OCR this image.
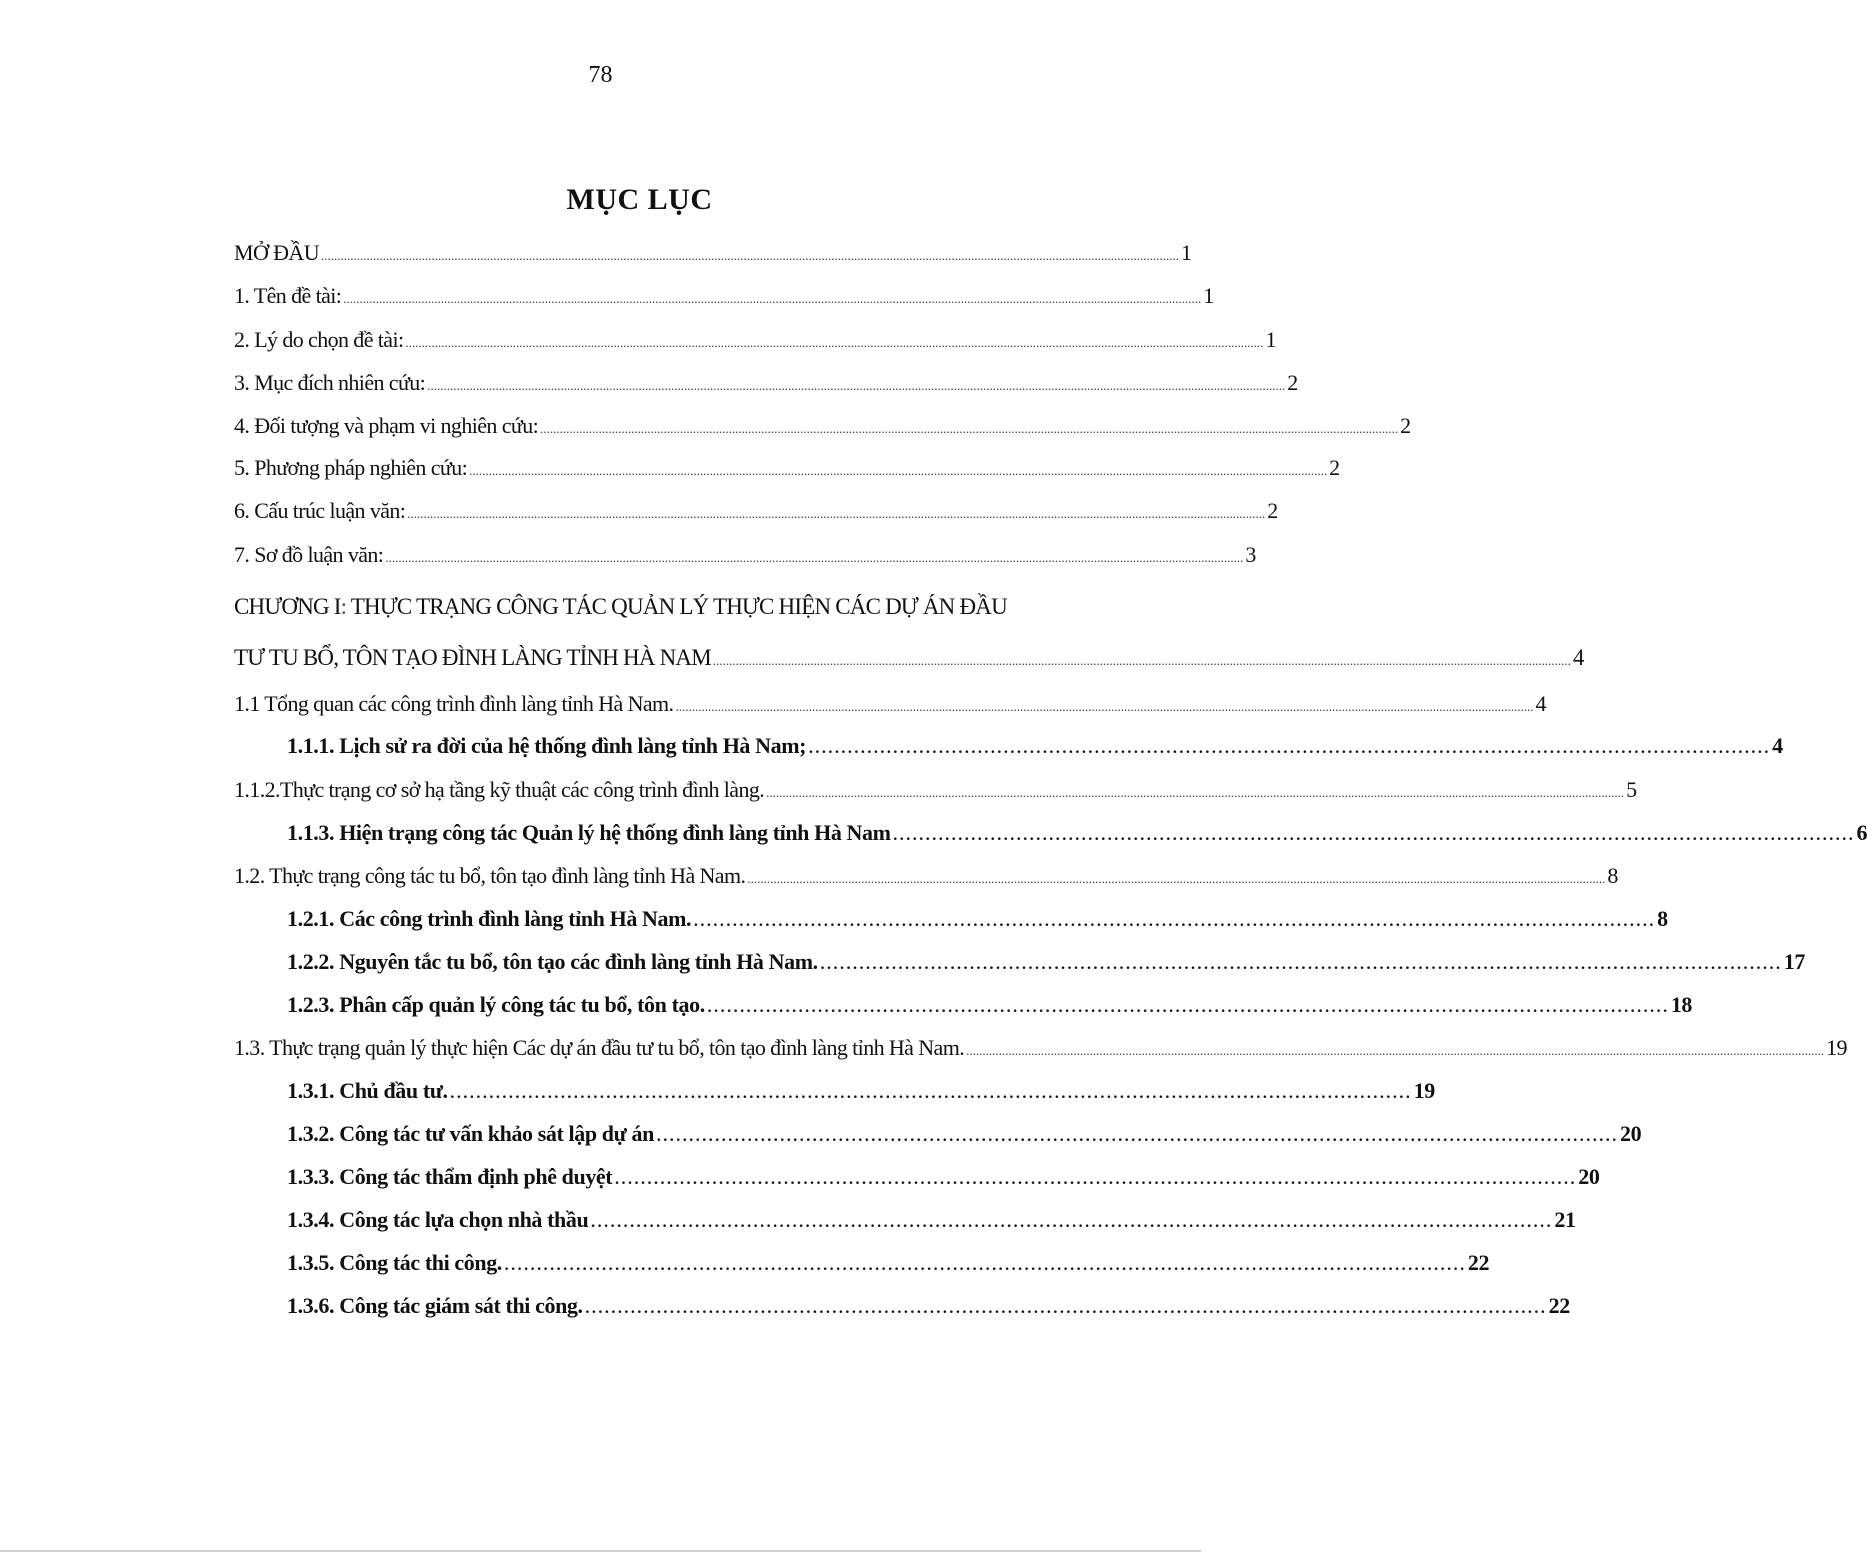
78
MỤC LỤC
MỞ ĐẦU ........................................................................................................................................................................................................................................................................ 1
1. Tên đề tài: ........................................................................................................................................................................................................................................................................ 1
2. Lý do chọn đề tài: ........................................................................................................................................................................................................................................................................ 1
3. Mục đích nhiên cứu: ........................................................................................................................................................................................................................................................................ 2
4. Đối tượng và phạm vi nghiên cứu: ........................................................................................................................................................................................................................................................................ 2
5. Phương pháp nghiên cứu: ........................................................................................................................................................................................................................................................................ 2
6. Cấu trúc luận văn: ........................................................................................................................................................................................................................................................................ 2
7. Sơ đồ luận văn: ........................................................................................................................................................................................................................................................................ 3
CHƯƠNG I: THỰC TRẠNG CÔNG TÁC QUẢN LÝ THỰC HIỆN CÁC DỰ ÁN ĐẦU
TƯ TU BỔ, TÔN TẠO ĐÌNH LÀNG TỈNH HÀ NAM ........................................................................................................................................................................................................................................................................ 4
1.1 Tổng quan các công trình đình làng tỉnh Hà Nam. ........................................................................................................................................................................................................................................................................ 4
1.1.1. Lịch sử ra đời của hệ thống đình làng tỉnh Hà Nam; .................................................................................................................................................... 4
1.1.2.Thực trạng cơ sở hạ tầng kỹ thuật các công trình đình làng. ........................................................................................................................................................................................................................................................................ 5
1.1.3. Hiện trạng công tác Quản lý hệ thống đình làng tỉnh Hà Nam .................................................................................................................................................... 6
1.2. Thực trạng công tác tu bổ, tôn tạo đình làng tỉnh Hà Nam. ........................................................................................................................................................................................................................................................................ 8
1.2.1. Các công trình đình làng tỉnh Hà Nam. .................................................................................................................................................... 8
1.2.2. Nguyên tắc tu bổ, tôn tạo các đình làng tỉnh Hà Nam. .................................................................................................................................................... 17
1.2.3. Phân cấp quản lý công tác tu bổ, tôn tạo. .................................................................................................................................................... 18
1.3. Thực trạng quản lý thực hiện Các dự án đầu tư tu bổ, tôn tạo đình làng tỉnh Hà Nam. ........................................................................................................................................................................................................................................................................ 19
1.3.1. Chủ đầu tư. .................................................................................................................................................... 19
1.3.2. Công tác tư vấn khảo sát lập dự án .................................................................................................................................................... 20
1.3.3. Công tác thẩm định phê duyệt .................................................................................................................................................... 20
1.3.4. Công tác lựa chọn nhà thầu .................................................................................................................................................... 21
1.3.5. Công tác thi công. .................................................................................................................................................... 22
1.3.6. Công tác giám sát thi công. .................................................................................................................................................... 22
